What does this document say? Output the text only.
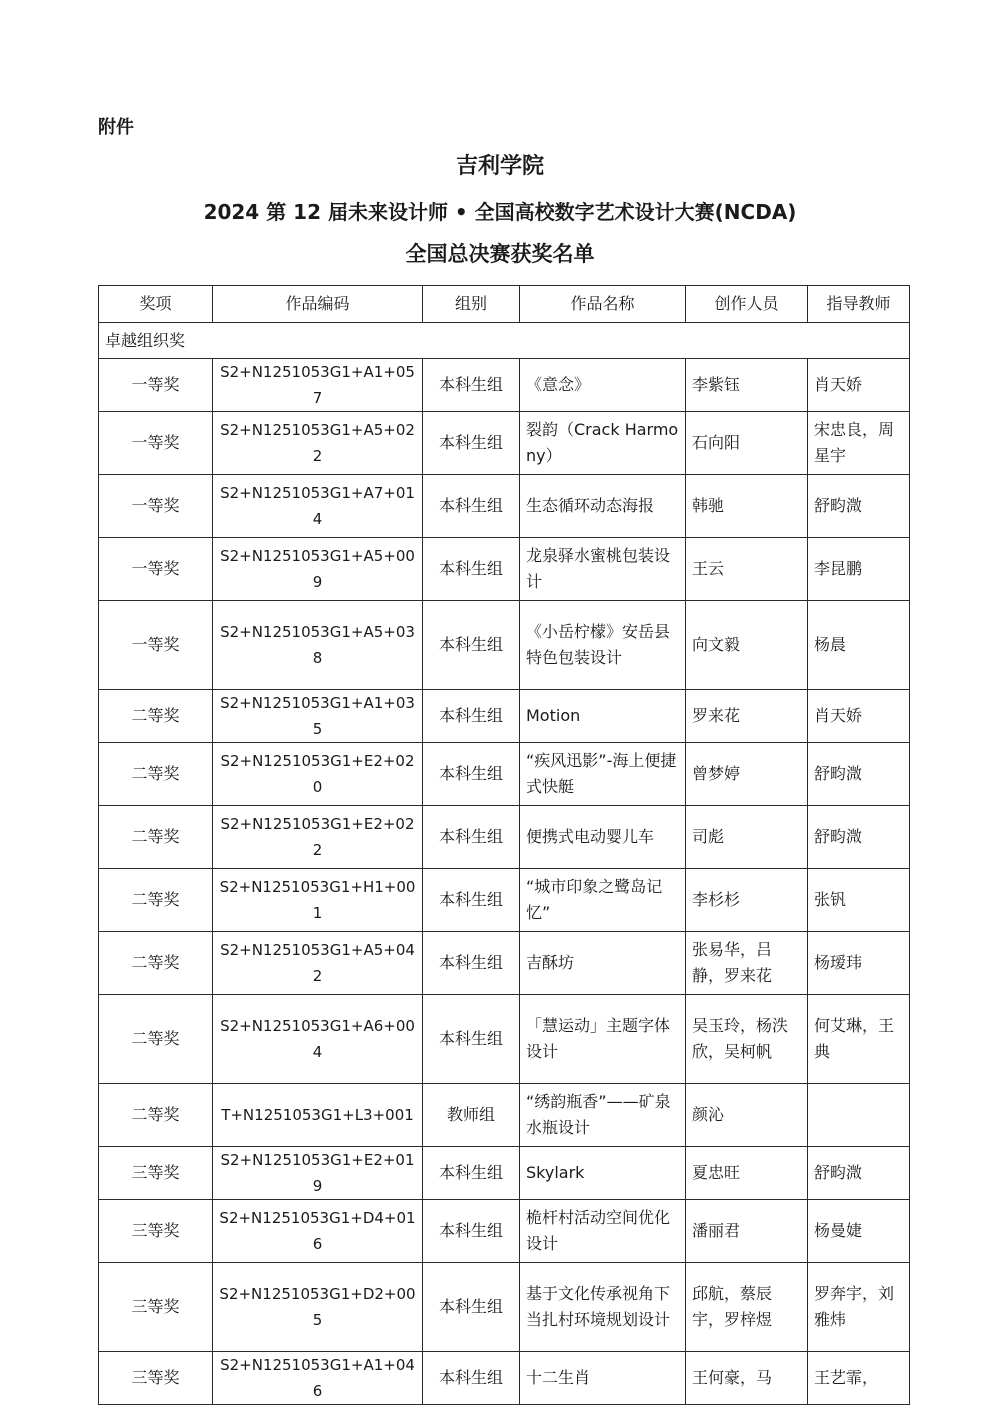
附件
吉利学院
2024 第 12 届未来设计师 • 全国高校数字艺术设计大赛(NCDA)
全国总决赛获奖名单
奖项	作品编码	组别	作品名称	创作人员	指导教师
卓越组织奖					
一等奖	S2+N1251053G1+A1+057	本科生组	《意念》	李紫钰	肖天娇
一等奖	S2+N1251053G1+A5+022	本科生组	裂韵（Crack Harmony）	石向阳	宋忠良，周星宇
一等奖	S2+N1251053G1+A7+014	本科生组	生态循环动态海报	韩驰	舒畇溦
一等奖	S2+N1251053G1+A5+009	本科生组	龙泉驿水蜜桃包装设计	王云	李昆鹏
一等奖	S2+N1251053G1+A5+038	本科生组	《小岳柠檬》安岳县特色包装设计	向文毅	杨晨
二等奖	S2+N1251053G1+A1+035	本科生组	Motion	罗来花	肖天娇
二等奖	S2+N1251053G1+E2+020	本科生组	“疾风迅影”-海上便捷式快艇	曾梦婷	舒畇溦
二等奖	S2+N1251053G1+E2+022	本科生组	便携式电动婴儿车	司彪	舒畇溦
二等奖	S2+N1251053G1+H1+001	本科生组	“城市印象之鹭岛记忆”	李杉杉	张钒
二等奖	S2+N1251053G1+A5+042	本科生组	吉酥坊	张易华，吕静，罗来花	杨瑷玮
二等奖	S2+N1251053G1+A6+004	本科生组	「慧运动」主题字体设计	吴玉玲，杨泆欣，吴柯帆	何艾琳，王典
二等奖	T+N1251053G1+L3+001	教师组	“绣韵瓶香”——矿泉水瓶设计	颜沁	
三等奖	S2+N1251053G1+E2+019	本科生组	Skylark	夏忠旺	舒畇溦
三等奖	S2+N1251053G1+D4+016	本科生组	桅杆村活动空间优化设计	潘丽君	杨曼婕
三等奖	S2+N1251053G1+D2+005	本科生组	基于文化传承视角下当扎村环境规划设计	邱航，蔡辰宇，罗梓煜	罗奔宇，刘雅炜
三等奖	S2+N1251053G1+A1+046	本科生组	十二生肖	王何豪，马	王艺霏，
